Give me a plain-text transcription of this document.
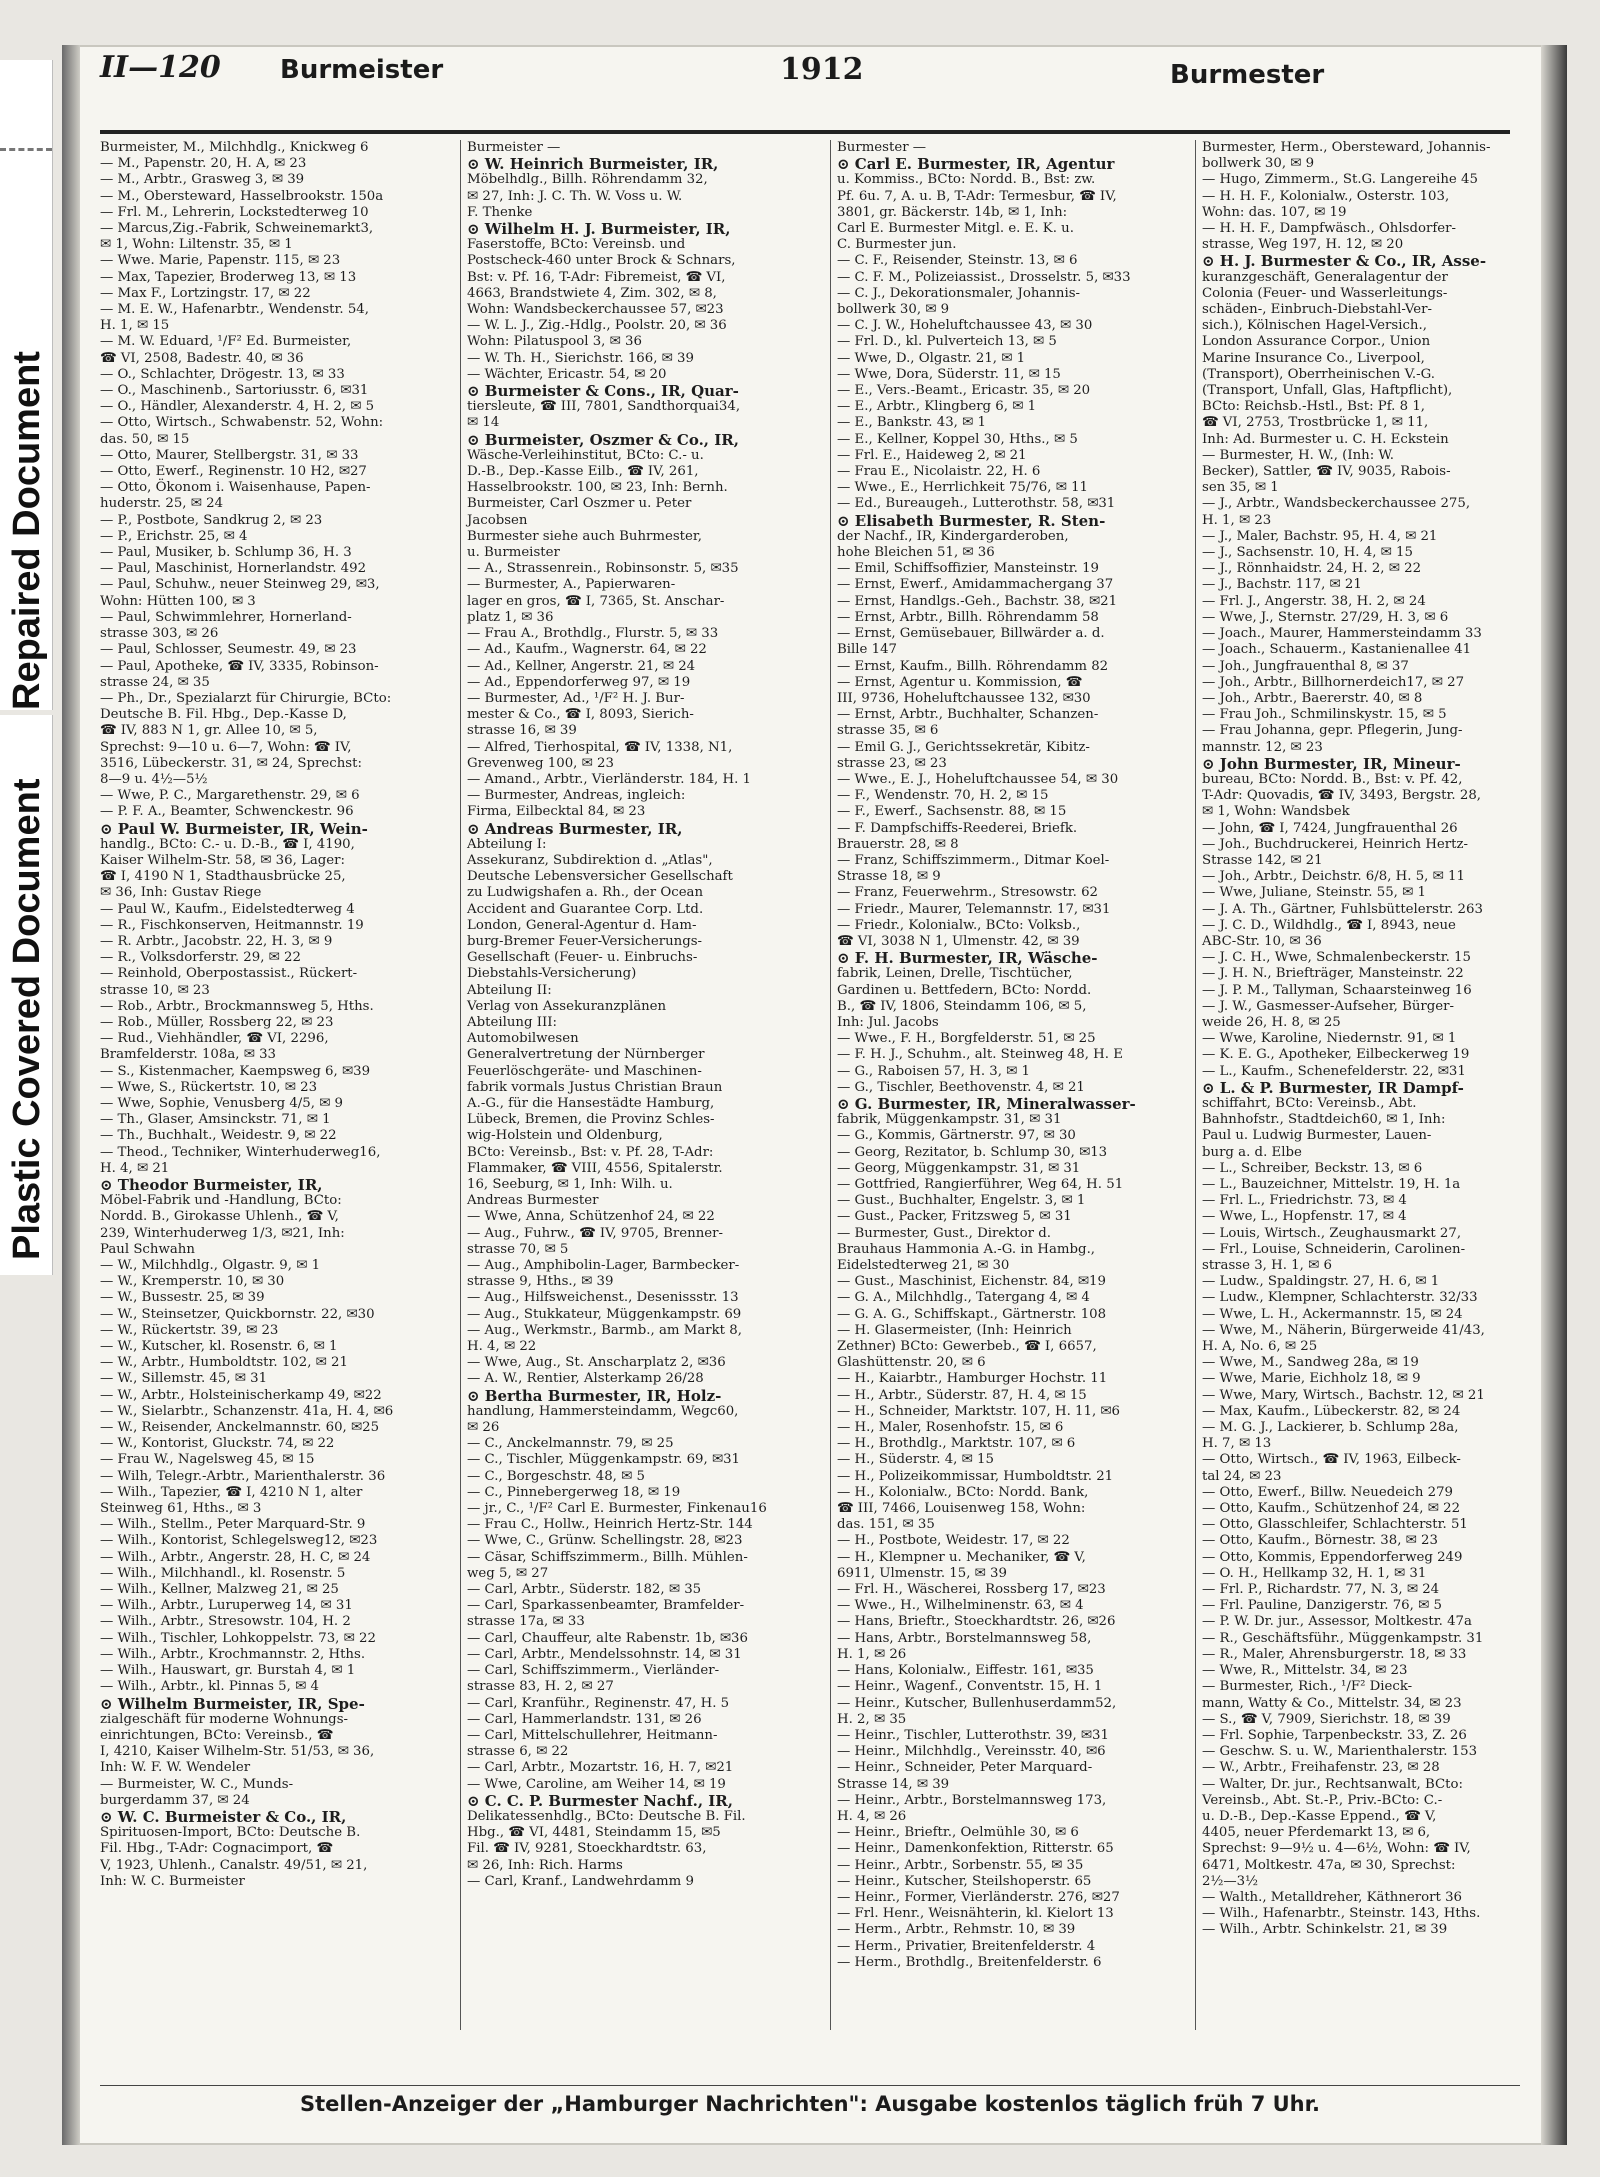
Repaired Document
Plastic Covered Document
II—120 Burmeister	1912	Burmester

Burmeister, M., Milchhdlg., Knickweg 6

— M., Papenstr. 20, H. A, ✉ 23

— M., Arbtr., Grasweg 3, ✉ 39

— M., Obersteward, Hasselbrookstr. 150a

— Frl. M., Lehrerin, Lockstedterweg 10

— Marcus,Zig.-Fabrik, Schweinemarkt3,

✉ 1, Wohn: Liltenstr. 35, ✉ 1

— Wwe. Marie, Papenstr. 115, ✉ 23

— Max, Tapezier, Broderweg 13, ✉ 13

— Max F., Lortzingstr. 17, ✉ 22

— M. E. W., Hafenarbtr., Wendenstr. 54,

H. 1, ✉ 15

— M. W. Eduard, ¹/F² Ed. Burmeister,

☎ VI, 2508, Badestr. 40, ✉ 36

— O., Schlachter, Drögestr. 13, ✉ 33

— O., Maschinenb., Sartoriusstr. 6, ✉31

— O., Händler, Alexanderstr. 4, H. 2, ✉ 5

— Otto, Wirtsch., Schwabenstr. 52, Wohn:

das. 50, ✉ 15

— Otto, Maurer, Stellbergstr. 31, ✉ 33

— Otto, Ewerf., Reginenstr. 10 H2, ✉27

— Otto, Ökonom i. Waisenhause, Papen-

huderstr. 25, ✉ 24

— P., Postbote, Sandkrug 2, ✉ 23

— P., Erichstr. 25, ✉ 4

— Paul, Musiker, b. Schlump 36, H. 3

— Paul, Maschinist, Hornerlandstr. 492

— Paul, Schuhw., neuer Steinweg 29, ✉3,

Wohn: Hütten 100, ✉ 3

— Paul, Schwimmlehrer, Hornerland-

strasse 303, ✉ 26

— Paul, Schlosser, Seumestr. 49, ✉ 23

— Paul, Apotheke, ☎ IV, 3335, Robinson-

strasse 24, ✉ 35

— Ph., Dr., Spezialarzt für Chirurgie, BCto:

Deutsche B. Fil. Hbg., Dep.-Kasse D,

☎ IV, 883 N 1, gr. Allee 10, ✉ 5,

Sprechst: 9—10 u. 6—7, Wohn: ☎ IV,

3516, Lübeckerstr. 31, ✉ 24, Sprechst:

8—9 u. 4½—5½

— Wwe, P. C., Margarethenstr. 29, ✉ 6

— P. F. A., Beamter, Schwenckestr. 96

⊙ Paul W. Burmeister, IR, Wein-

handlg., BCto: C.- u. D.-B., ☎ I, 4190,

Kaiser Wilhelm-Str. 58, ✉ 36, Lager:

☎ I, 4190 N 1, Stadthausbrücke 25,

✉ 36, Inh: Gustav Riege

— Paul W., Kaufm., Eidelstedterweg 4

— R., Fischkonserven, Heitmannstr. 19

— R. Arbtr., Jacobstr. 22, H. 3, ✉ 9

— R., Volksdorferstr. 29, ✉ 22

— Reinhold, Oberpostassist., Rückert-

strasse 10, ✉ 23

— Rob., Arbtr., Brockmannsweg 5, Hths.

— Rob., Müller, Rossberg 22, ✉ 23

— Rud., Viehhändler, ☎ VI, 2296,

Bramfelderstr. 108a, ✉ 33

— S., Kistenmacher, Kaempsweg 6, ✉39

— Wwe, S., Rückertstr. 10, ✉ 23

— Wwe, Sophie, Venusberg 4/5, ✉ 9

— Th., Glaser, Amsinckstr. 71, ✉ 1

— Th., Buchhalt., Weidestr. 9, ✉ 22

— Theod., Techniker, Winterhuderweg16,

H. 4, ✉ 21

⊙ Theodor Burmeister, IR,

Möbel-Fabrik und -Handlung, BCto:

Nordd. B., Girokasse Uhlenh., ☎ V,

239, Winterhuderweg 1/3, ✉21, Inh:

Paul Schwahn

— W., Milchhdlg., Olgastr. 9, ✉ 1

— W., Kremperstr. 10, ✉ 30

— W., Bussestr. 25, ✉ 39

— W., Steinsetzer, Quickbornstr. 22, ✉30

— W., Rückertstr. 39, ✉ 23

— W., Kutscher, kl. Rosenstr. 6, ✉ 1

— W., Arbtr., Humboldtstr. 102, ✉ 21

— W., Sillemstr. 45, ✉ 31

— W., Arbtr., Holsteinischerkamp 49, ✉22

— W., Sielarbtr., Schanzenstr. 41a, H. 4, ✉6

— W., Reisender, Anckelmannstr. 60, ✉25

— W., Kontorist, Gluckstr. 74, ✉ 22

— Frau W., Nagelsweg 45, ✉ 15

— Wilh, Telegr.-Arbtr., Marienthalerstr. 36

— Wilh., Tapezier, ☎ I, 4210 N 1, alter

Steinweg 61, Hths., ✉ 3

— Wilh., Stellm., Peter Marquard-Str. 9

— Wilh., Kontorist, Schlegelsweg12, ✉23

— Wilh., Arbtr., Angerstr. 28, H. C, ✉ 24

— Wilh., Milchhandl., kl. Rosenstr. 5

— Wilh., Kellner, Malzweg 21, ✉ 25

— Wilh., Arbtr., Luruperweg 14, ✉ 31

— Wilh., Arbtr., Stresowstr. 104, H. 2

— Wilh., Tischler, Lohkoppelstr. 73, ✉ 22

— Wilh., Arbtr., Krochmannstr. 2, Hths.

— Wilh., Hauswart, gr. Burstah 4, ✉ 1

— Wilh., Arbtr., kl. Pinnas 5, ✉ 4

⊙ Wilhelm Burmeister, IR, Spe-

zialgeschäft für moderne Wohnungs-

einrichtungen, BCto: Vereinsb., ☎

I, 4210, Kaiser Wilhelm-Str. 51/53, ✉ 36,

Inh: W. F. W. Wendeler

— Burmeister, W. C., Munds-

burgerdamm 37, ✉ 24

⊙ W. C. Burmeister & Co., IR,

Spirituosen-Import, BCto: Deutsche B.

Fil. Hbg., T-Adr: Cognacimport, ☎

V, 1923, Uhlenh., Canalstr. 49/51, ✉ 21,

Inh: W. C. Burmeister

Burmeister —

⊙ W. Heinrich Burmeister, IR,

Möbelhdlg., Billh. Röhrendamm 32,

✉ 27, Inh: J. C. Th. W. Voss u. W.

F. Thenke

⊙ Wilhelm H. J. Burmeister, IR,

Faserstoffe, BCto: Vereinsb. und

Postscheck-460 unter Brock & Schnars,

Bst: v. Pf. 16, T-Adr: Fibremeist, ☎ VI,

4663, Brandstwiete 4, Zim. 302, ✉ 8,

Wohn: Wandsbeckerchaussee 57, ✉23

— W. L. J., Zig.-Hdlg., Poolstr. 20, ✉ 36

Wohn: Pilatuspool 3, ✉ 36

— W. Th. H., Sierichstr. 166, ✉ 39

— Wächter, Ericastr. 54, ✉ 20

⊙ Burmeister & Cons., IR, Quar-

tiersleute, ☎ III, 7801, Sandthorquai34,

✉ 14

⊙ Burmeister, Oszmer & Co., IR,

Wäsche-Verleihinstitut, BCto: C.- u.

D.-B., Dep.-Kasse Eilb., ☎ IV, 261,

Hasselbrookstr. 100, ✉ 23, Inh: Bernh.

Burmeister, Carl Oszmer u. Peter

Jacobsen

Burmester siehe auch Buhrmester,

u. Burmeister

— A., Strassenrein., Robinsonstr. 5, ✉35

— Burmester, A., Papierwaren-

lager en gros, ☎ I, 7365, St. Anschar-

platz 1, ✉ 36

— Frau A., Brothdlg., Flurstr. 5, ✉ 33

— Ad., Kaufm., Wagnerstr. 64, ✉ 22

— Ad., Kellner, Angerstr. 21, ✉ 24

— Ad., Eppendorferweg 97, ✉ 19

— Burmester, Ad., ¹/F² H. J. Bur-

mester & Co., ☎ I, 8093, Sierich-

strasse 16, ✉ 39

— Alfred, Tierhospital, ☎ IV, 1338, N1,

Grevenweg 100, ✉ 23

— Amand., Arbtr., Vierländerstr. 184, H. 1

— Burmester, Andreas, ingleich:

Firma, Eilbecktal 84, ✉ 23

⊙ Andreas Burmester, IR,

Abteilung I:

Assekuranz, Subdirektion d. „Atlas",

Deutsche Lebensversicher Gesellschaft

zu Ludwigshafen a. Rh., der Ocean

Accident and Guarantee Corp. Ltd.

London, General-Agentur d. Ham-

burg-Bremer Feuer-Versicherungs-

Gesellschaft (Feuer- u. Einbruchs-

Diebstahls-Versicherung)

Abteilung II:

Verlag von Assekuranzplänen

Abteilung III:

Automobilwesen

Generalvertretung der Nürnberger

Feuerlöschgeräte- und Maschinen-

fabrik vormals Justus Christian Braun

A.-G., für die Hansestädte Hamburg,

Lübeck, Bremen, die Provinz Schles-

wig-Holstein und Oldenburg,

BCto: Vereinsb., Bst: v. Pf. 28, T-Adr:

Flammaker, ☎ VIII, 4556, Spitalerstr.

16, Seeburg, ✉ 1, Inh: Wilh. u.

Andreas Burmester

— Wwe, Anna, Schützenhof 24, ✉ 22

— Aug., Fuhrw., ☎ IV, 9705, Brenner-

strasse 70, ✉ 5

— Aug., Amphibolin-Lager, Barmbecker-

strasse 9, Hths., ✉ 39

— Aug., Hilfsweichenst., Desenissstr. 13

— Aug., Stukkateur, Müggenkampstr. 69

— Aug., Werkmstr., Barmb., am Markt 8,

H. 4, ✉ 22

— Wwe, Aug., St. Anscharplatz 2, ✉36

— A. W., Rentier, Alsterkamp 26/28

⊙ Bertha Burmester, IR, Holz-

handlung, Hammersteindamm, Wegc60,

✉ 26

— C., Anckelmannstr. 79, ✉ 25

— C., Tischler, Müggenkampstr. 69, ✉31

— C., Borgeschstr. 48, ✉ 5

— C., Pinnebergerweg 18, ✉ 19

— jr., C., ¹/F² Carl E. Burmester, Finkenau16

— Frau C., Hollw., Heinrich Hertz-Str. 144

— Wwe, C., Grünw. Schellingstr. 28, ✉23

— Cäsar, Schiffszimmerm., Billh. Mühlen-

weg 5, ✉ 27

— Carl, Arbtr., Süderstr. 182, ✉ 35

— Carl, Sparkassenbeamter, Bramfelder-

strasse 17a, ✉ 33

— Carl, Chauffeur, alte Rabenstr. 1b, ✉36

— Carl, Arbtr., Mendelssohnstr. 14, ✉ 31

— Carl, Schiffszimmerm., Vierländer-

strasse 83, H. 2, ✉ 27

— Carl, Kranführ., Reginenstr. 47, H. 5

— Carl, Hammerlandstr. 131, ✉ 26

— Carl, Mittelschullehrer, Heitmann-

strasse 6, ✉ 22

— Carl, Arbtr., Mozartstr. 16, H. 7, ✉21

— Wwe, Caroline, am Weiher 14, ✉ 19

⊙ C. C. P. Burmester Nachf., IR,

Delikatessenhdlg., BCto: Deutsche B. Fil.

Hbg., ☎ VI, 4481, Steindamm 15, ✉5

Fil. ☎ IV, 9281, Stoeckhardtstr. 63,

✉ 26, Inh: Rich. Harms

— Carl, Kranf., Landwehrdamm 9

Burmester —

⊙ Carl E. Burmester, IR, Agentur

u. Kommiss., BCto: Nordd. B., Bst: zw.

Pf. 6u. 7, A. u. B, T-Adr: Termesbur, ☎ IV,

3801, gr. Bäckerstr. 14b, ✉ 1, Inh:

Carl E. Burmester Mitgl. e. E. K. u.

C. Burmester jun.

— C. F., Reisender, Steinstr. 13, ✉ 6

— C. F. M., Polizeiassist., Drosselstr. 5, ✉33

— C. J., Dekorationsmaler, Johannis-

bollwerk 30, ✉ 9

— C. J. W., Hoheluftchaussee 43, ✉ 30

— Frl. D., kl. Pulverteich 13, ✉ 5

— Wwe, D., Olgastr. 21, ✉ 1

— Wwe, Dora, Süderstr. 11, ✉ 15

— E., Vers.-Beamt., Ericastr. 35, ✉ 20

— E., Arbtr., Klingberg 6, ✉ 1

— E., Bankstr. 43, ✉ 1

— E., Kellner, Koppel 30, Hths., ✉ 5

— Frl. E., Haideweg 2, ✉ 21

— Frau E., Nicolaistr. 22, H. 6

— Wwe., E., Herrlichkeit 75/76, ✉ 11

— Ed., Bureaugeh., Lutterothstr. 58, ✉31

⊙ Elisabeth Burmester, R. Sten-

der Nachf., IR, Kindergarderoben,

hohe Bleichen 51, ✉ 36

— Emil, Schiffsoffizier, Mansteinstr. 19

— Ernst, Ewerf., Amidammachergang 37

— Ernst, Handlgs.-Geh., Bachstr. 38, ✉21

— Ernst, Arbtr., Billh. Röhrendamm 58

— Ernst, Gemüsebauer, Billwärder a. d.

Bille 147

— Ernst, Kaufm., Billh. Röhrendamm 82

— Ernst, Agentur u. Kommission, ☎

III, 9736, Hoheluftchaussee 132, ✉30

— Ernst, Arbtr., Buchhalter, Schanzen-

strasse 35, ✉ 6

— Emil G. J., Gerichtssekretär, Kibitz-

strasse 23, ✉ 23

— Wwe., E. J., Hoheluftchaussee 54, ✉ 30

— F., Wendenstr. 70, H. 2, ✉ 15

— F., Ewerf., Sachsenstr. 88, ✉ 15

— F. Dampfschiffs-Reederei, Briefk.

Brauerstr. 28, ✉ 8

— Franz, Schiffszimmerm., Ditmar Koel-

Strasse 18, ✉ 9

— Franz, Feuerwehrm., Stresowstr. 62

— Friedr., Maurer, Telemannstr. 17, ✉31

— Friedr., Kolonialw., BCto: Volksb.,

☎ VI, 3038 N 1, Ulmenstr. 42, ✉ 39

⊙ F. H. Burmester, IR, Wäsche-

fabrik, Leinen, Drelle, Tischtücher,

Gardinen u. Bettfedern, BCto: Nordd.

B., ☎ IV, 1806, Steindamm 106, ✉ 5,

Inh: Jul. Jacobs

— Wwe., F. H., Borgfelderstr. 51, ✉ 25

— F. H. J., Schuhm., alt. Steinweg 48, H. E

— G., Raboisen 57, H. 3, ✉ 1

— G., Tischler, Beethovenstr. 4, ✉ 21

⊙ G. Burmester, IR, Mineralwasser-

fabrik, Müggenkampstr. 31, ✉ 31

— G., Kommis, Gärtnerstr. 97, ✉ 30

— Georg, Rezitator, b. Schlump 30, ✉13

— Georg, Müggenkampstr. 31, ✉ 31

— Gottfried, Rangierführer, Weg 64, H. 51

— Gust., Buchhalter, Engelstr. 3, ✉ 1

— Gust., Packer, Fritzsweg 5, ✉ 31

— Burmester, Gust., Direktor d.

Brauhaus Hammonia A.-G. in Hambg.,

Eidelstedterweg 21, ✉ 30

— Gust., Maschinist, Eichenstr. 84, ✉19

— G. A., Milchhdlg., Tatergang 4, ✉ 4

— G. A. G., Schiffskapt., Gärtnerstr. 108

— H. Glasermeister, (Inh: Heinrich

Zethner) BCto: Gewerbeb., ☎ I, 6657,

Glashüttenstr. 20, ✉ 6

— H., Kaiarbtr., Hamburger Hochstr. 11

— H., Arbtr., Süderstr. 87, H. 4, ✉ 15

— H., Schneider, Marktstr. 107, H. 11, ✉6

— H., Maler, Rosenhofstr. 15, ✉ 6

— H., Brothdlg., Marktstr. 107, ✉ 6

— H., Süderstr. 4, ✉ 15

— H., Polizeikommissar, Humboldtstr. 21

— H., Kolonialw., BCto: Nordd. Bank,

☎ III, 7466, Louisenweg 158, Wohn:

das. 151, ✉ 35

— H., Postbote, Weidestr. 17, ✉ 22

— H., Klempner u. Mechaniker, ☎ V,

6911, Ulmenstr. 15, ✉ 39

— Frl. H., Wäscherei, Rossberg 17, ✉23

— Wwe., H., Wilhelminenstr. 63, ✉ 4

— Hans, Brieftr., Stoeckhardtstr. 26, ✉26

— Hans, Arbtr., Borstelmannsweg 58,

H. 1, ✉ 26

— Hans, Kolonialw., Eiffestr. 161, ✉35

— Heinr., Wagenf., Conventstr. 15, H. 1

— Heinr., Kutscher, Bullenhuserdamm52,

H. 2, ✉ 35

— Heinr., Tischler, Lutterothstr. 39, ✉31

— Heinr., Milchhdlg., Vereinsstr. 40, ✉6

— Heinr., Schneider, Peter Marquard-

Strasse 14, ✉ 39

— Heinr., Arbtr., Borstelmannsweg 173,

H. 4, ✉ 26

— Heinr., Brieftr., Oelmühle 30, ✉ 6

— Heinr., Damenkonfektion, Ritterstr. 65

— Heinr., Arbtr., Sorbenstr. 55, ✉ 35

— Heinr., Kutscher, Steilshoperstr. 65

— Heinr., Former, Vierländerstr. 276, ✉27

— Frl. Henr., Weisnähterin, kl. Kielort 13

— Herm., Arbtr., Rehmstr. 10, ✉ 39

— Herm., Privatier, Breitenfelderstr. 4

— Herm., Brothdlg., Breitenfelderstr. 6

Burmester, Herm., Obersteward, Johannis-

bollwerk 30, ✉ 9

— Hugo, Zimmerm., St.G. Langereihe 45

— H. H. F., Kolonialw., Osterstr. 103,

Wohn: das. 107, ✉ 19

— H. H. F., Dampfwäsch., Ohlsdorfer-

strasse, Weg 197, H. 12, ✉ 20

⊙ H. J. Burmester & Co., IR, Asse-

kuranzgeschäft, Generalagentur der

Colonia (Feuer- und Wasserleitungs-

schäden-, Einbruch-Diebstahl-Ver-

sich.), Kölnischen Hagel-Versich.,

London Assurance Corpor., Union

Marine Insurance Co., Liverpool,

(Transport), Oberrheinischen V.-G.

(Transport, Unfall, Glas, Haftpflicht),

BCto: Reichsb.-Hstl., Bst: Pf. 8 1,

☎ VI, 2753, Trostbrücke 1, ✉ 11,

Inh: Ad. Burmester u. C. H. Eckstein

— Burmester, H. W., (Inh: W.

Becker), Sattler, ☎ IV, 9035, Rabois-

sen 35, ✉ 1

— J., Arbtr., Wandsbeckerchaussee 275,

H. 1, ✉ 23

— J., Maler, Bachstr. 95, H. 4, ✉ 21

— J., Sachsenstr. 10, H. 4, ✉ 15

— J., Rönnhaidstr. 24, H. 2, ✉ 22

— J., Bachstr. 117, ✉ 21

— Frl. J., Angerstr. 38, H. 2, ✉ 24

— Wwe, J., Sternstr. 27/29, H. 3, ✉ 6

— Joach., Maurer, Hammersteindamm 33

— Joach., Schauerm., Kastanienallee 41

— Joh., Jungfrauenthal 8, ✉ 37

— Joh., Arbtr., Billhornerdeich17, ✉ 27

— Joh., Arbtr., Baererstr. 40, ✉ 8

— Frau Joh., Schmilinskystr. 15, ✉ 5

— Frau Johanna, gepr. Pflegerin, Jung-

mannstr. 12, ✉ 23

⊙ John Burmester, IR, Mineur-

bureau, BCto: Nordd. B., Bst: v. Pf. 42,

T-Adr: Quovadis, ☎ IV, 3493, Bergstr. 28,

✉ 1, Wohn: Wandsbek

— John, ☎ I, 7424, Jungfrauenthal 26

— Joh., Buchdruckerei, Heinrich Hertz-

Strasse 142, ✉ 21

— Joh., Arbtr., Deichstr. 6/8, H. 5, ✉ 11

— Wwe, Juliane, Steinstr. 55, ✉ 1

— J. A. Th., Gärtner, Fuhlsbüttelerstr. 263

— J. C. D., Wildhdlg., ☎ I, 8943, neue

ABC-Str. 10, ✉ 36

— J. C. H., Wwe, Schmalenbeckerstr. 15

— J. H. N., Briefträger, Mansteinstr. 22

— J. P. M., Tallyman, Schaarsteinweg 16

— J. W., Gasmesser-Aufseher, Bürger-

weide 26, H. 8, ✉ 25

— Wwe, Karoline, Niedernstr. 91, ✉ 1

— K. E. G., Apotheker, Eilbeckerweg 19

— L., Kaufm., Schenefelderstr. 22, ✉31

⊙ L. & P. Burmester, IR Dampf-

schiffahrt, BCto: Vereinsb., Abt.

Bahnhofstr., Stadtdeich60, ✉ 1, Inh:

Paul u. Ludwig Burmester, Lauen-

burg a. d. Elbe

— L., Schreiber, Beckstr. 13, ✉ 6

— L., Bauzeichner, Mittelstr. 19, H. 1a

— Frl. L., Friedrichstr. 73, ✉ 4

— Wwe, L., Hopfenstr. 17, ✉ 4

— Louis, Wirtsch., Zeughausmarkt 27,

— Frl., Louise, Schneiderin, Carolinen-

strasse 3, H. 1, ✉ 6

— Ludw., Spaldingstr. 27, H. 6, ✉ 1

— Ludw., Klempner, Schlachterstr. 32/33

— Wwe, L. H., Ackermannstr. 15, ✉ 24

— Wwe, M., Näherin, Bürgerweide 41/43,

H. A, No. 6, ✉ 25

— Wwe, M., Sandweg 28a, ✉ 19

— Wwe, Marie, Eichholz 18, ✉ 9

— Wwe, Mary, Wirtsch., Bachstr. 12, ✉ 21

— Max, Kaufm., Lübeckerstr. 82, ✉ 24

— M. G. J., Lackierer, b. Schlump 28a,

H. 7, ✉ 13

— Otto, Wirtsch., ☎ IV, 1963, Eilbeck-

tal 24, ✉ 23

— Otto, Ewerf., Billw. Neuedeich 279

— Otto, Kaufm., Schützenhof 24, ✉ 22

— Otto, Glasschleifer, Schlachterstr. 51

— Otto, Kaufm., Börnestr. 38, ✉ 23

— Otto, Kommis, Eppendorferweg 249

— O. H., Hellkamp 32, H. 1, ✉ 31

— Frl. P., Richardstr. 77, N. 3, ✉ 24

— Frl. Pauline, Danzigerstr. 76, ✉ 5

— P. W. Dr. jur., Assessor, Moltkestr. 47a

— R., Geschäftsführ., Müggenkampstr. 31

— R., Maler, Ahrensburgerstr. 18, ✉ 33

— Wwe, R., Mittelstr. 34, ✉ 23

— Burmester, Rich., ¹/F² Dieck-

mann, Watty & Co., Mittelstr. 34, ✉ 23

— S., ☎ V, 7909, Sierichstr. 18, ✉ 39

— Frl. Sophie, Tarpenbeckstr. 33, Z. 26

— Geschw. S. u. W., Marienthalerstr. 153

— W., Arbtr., Freihafenstr. 23, ✉ 28

— Walter, Dr. jur., Rechtsanwalt, BCto:

Vereinsb., Abt. St.-P., Priv.-BCto: C.-

u. D.-B., Dep.-Kasse Eppend., ☎ V,

4405, neuer Pferdemarkt 13, ✉ 6,

Sprechst: 9—9½ u. 4—6½, Wohn: ☎ IV,

6471, Moltkestr. 47a, ✉ 30, Sprechst:

2½—3½

— Walth., Metalldreher, Käthnerort 36

— Wilh., Hafenarbtr., Steinstr. 143, Hths.

— Wilh., Arbtr. Schinkelstr. 21, ✉ 39

Stellen-Anzeiger der „Hamburger Nachrichten": Ausgabe kostenlos täglich früh 7 Uhr.
